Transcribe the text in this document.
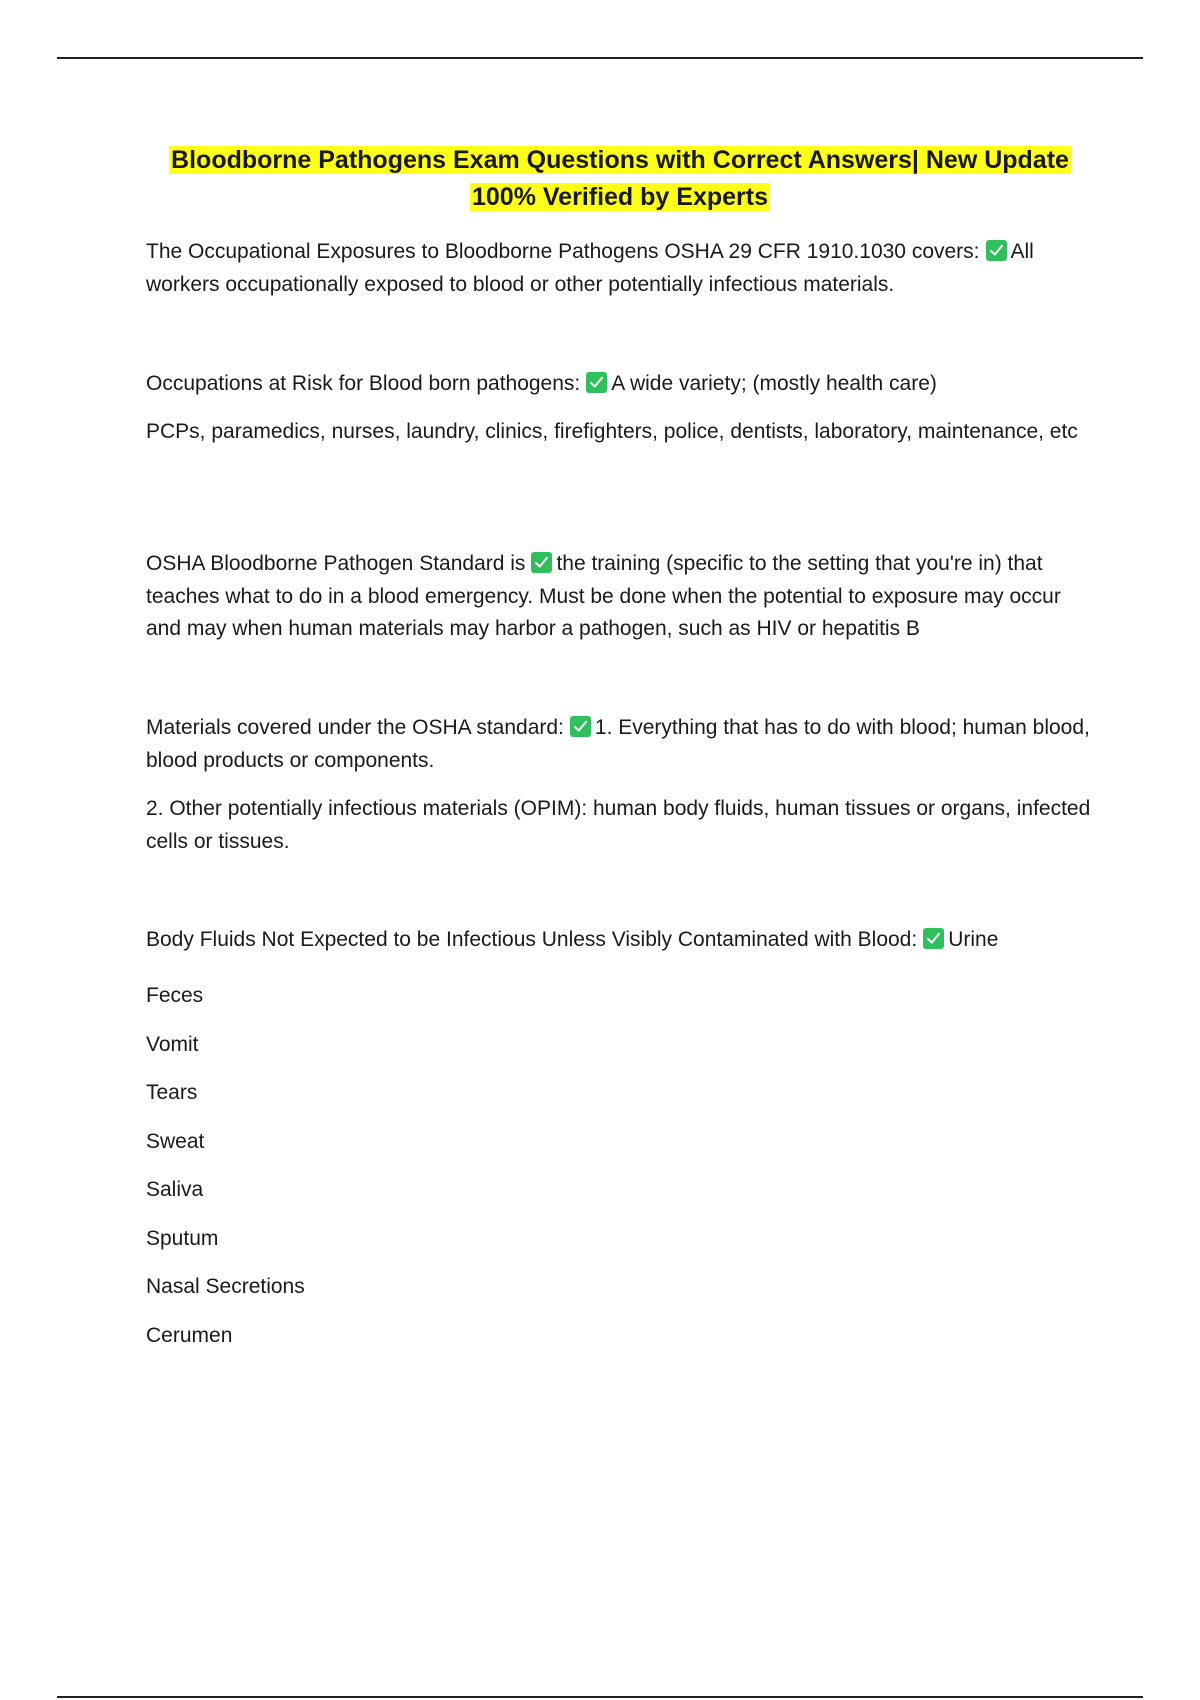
Bloodborne Pathogens Exam Questions with Correct Answers| New Update
100% Verified by Experts

The Occupational Exposures to Bloodborne Pathogens OSHA 29 CFR 1910.1030 covers: All workers occupationally exposed to blood or other potentially infectious materials.

Occupations at Risk for Blood born pathogens: A wide variety; (mostly health care)

PCPs, paramedics, nurses, laundry, clinics, firefighters, police, dentists, laboratory, maintenance, etc

OSHA Bloodborne Pathogen Standard is the training (specific to the setting that you're in) that teaches what to do in a blood emergency. Must be done when the potential to exposure may occur and may when human materials may harbor a pathogen, such as HIV or hepatitis B

Materials covered under the OSHA standard: 1. Everything that has to do with blood; human blood, blood products or components.

2. Other potentially infectious materials (OPIM): human body fluids, human tissues or organs, infected cells or tissues.

Body Fluids Not Expected to be Infectious Unless Visibly Contaminated with Blood: Urine

Feces

Vomit

Tears

Sweat

Saliva

Sputum

Nasal Secretions

Cerumen
